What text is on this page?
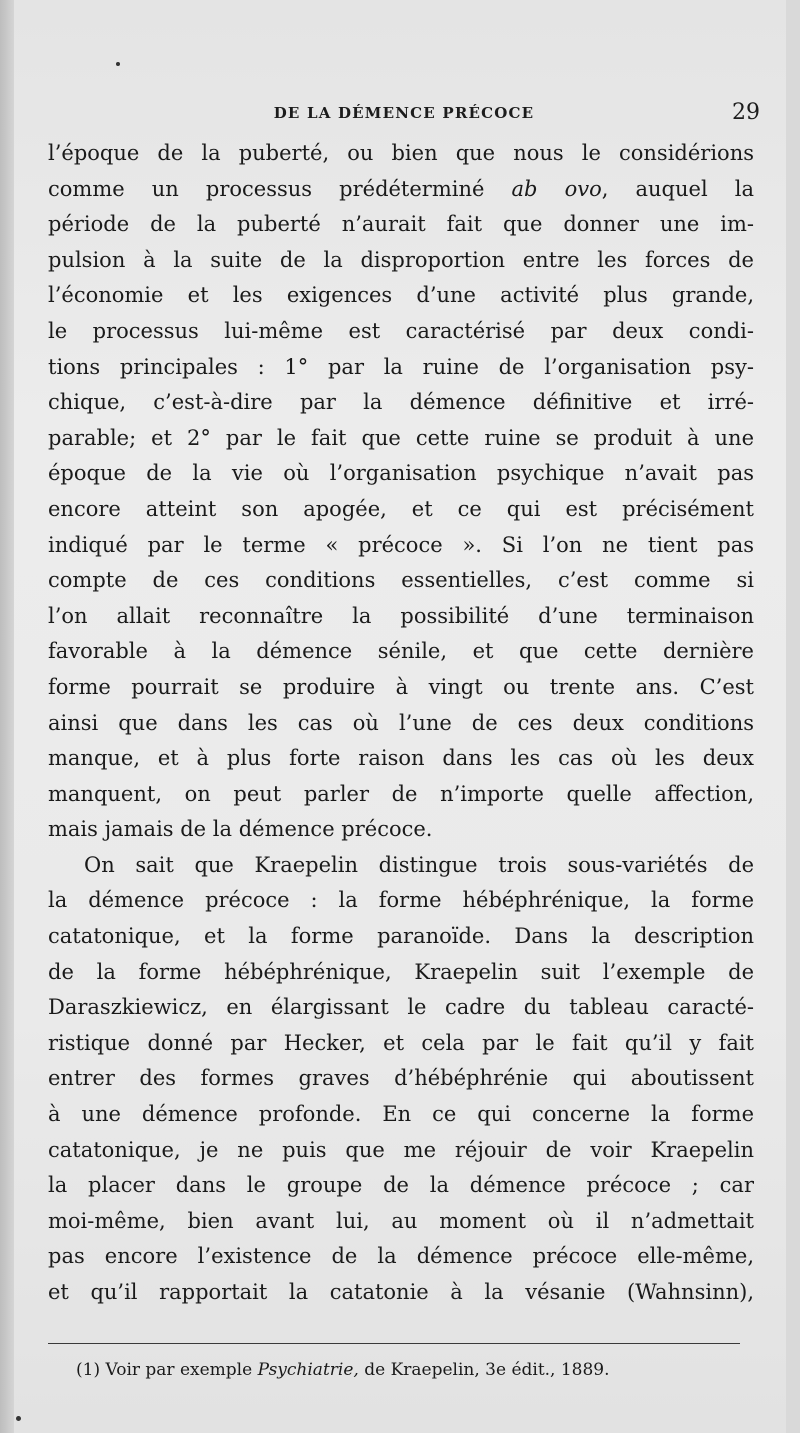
DE LA DÉMENCE PRÉCOCE	29
l’époque de la puberté, ou bien que nous le considérions
comme un processus prédéterminé ab ovo, auquel la
période de la puberté n’aurait fait que donner une im-
pulsion à la suite de la disproportion entre les forces de
l’économie et les exigences d’une activité plus grande,
le processus lui-même est caractérisé par deux condi-
tions principales : 1° par la ruine de l’organisation psy-
chique, c’est-à-dire par la démence définitive et irré-
parable; et 2° par le fait que cette ruine se produit à une
époque de la vie où l’organisation psychique n’avait pas
encore atteint son apogée, et ce qui est précisément
indiqué par le terme « précoce ». Si l’on ne tient pas
compte de ces conditions essentielles, c’est comme si
l’on allait reconnaître la possibilité d’une terminaison
favorable à la démence sénile, et que cette dernière
forme pourrait se produire à vingt ou trente ans. C’est
ainsi que dans les cas où l’une de ces deux conditions
manque, et à plus forte raison dans les cas où les deux
manquent, on peut parler de n’importe quelle affection,
mais jamais de la démence précoce.
On sait que Kraepelin distingue trois sous-variétés de
la démence précoce : la forme hébéphrénique, la forme
catatonique, et la forme paranoïde. Dans la description
de la forme hébéphrénique, Kraepelin suit l’exemple de
Daraszkiewicz, en élargissant le cadre du tableau caracté-
ristique donné par Hecker, et cela par le fait qu’il y fait
entrer des formes graves d’hébéphrénie qui aboutissent
à une démence profonde. En ce qui concerne la forme
catatonique, je ne puis que me réjouir de voir Kraepelin
la placer dans le groupe de la démence précoce ; car
moi-même, bien avant lui, au moment où il n’admettait
pas encore l’existence de la démence précoce elle-même,
et qu’il rapportait la catatonie à la vésanie (Wahnsinn),
(1) Voir par exemple Psychiatrie, de Kraepelin, 3e édit., 1889.
